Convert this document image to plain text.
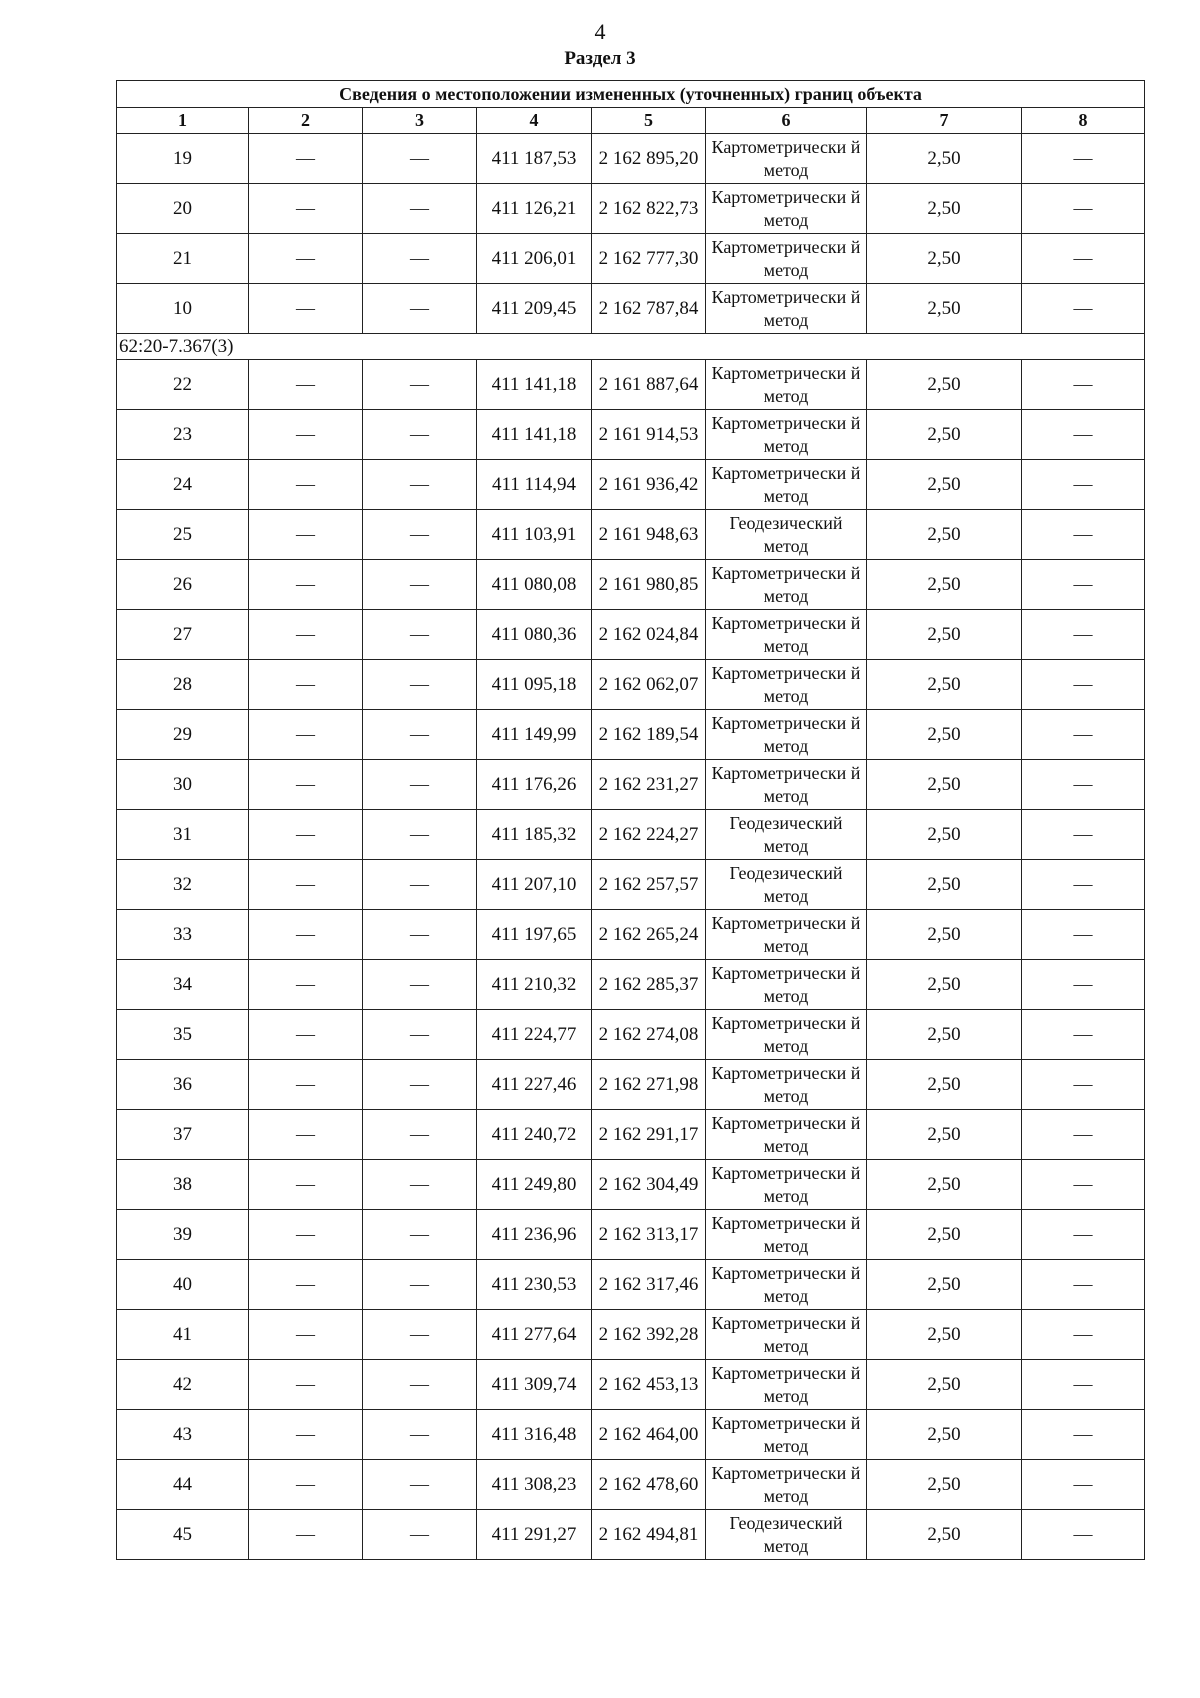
4
Раздел 3
Сведения о местоположении измененных (уточненных) границ объекта							
1	2	3	4	5	6	7	8
19	—	—	411 187,53	2 162 895,20	Картометрически й метод	2,50	—
20	—	—	411 126,21	2 162 822,73	Картометрически й метод	2,50	—
21	—	—	411 206,01	2 162 777,30	Картометрически й метод	2,50	—
10	—	—	411 209,45	2 162 787,84	Картометрически й метод	2,50	—
62:20-7.367(3)							
22	—	—	411 141,18	2 161 887,64	Картометрически й метод	2,50	—
23	—	—	411 141,18	2 161 914,53	Картометрически й метод	2,50	—
24	—	—	411 114,94	2 161 936,42	Картометрически й метод	2,50	—
25	—	—	411 103,91	2 161 948,63	Геодезический метод	2,50	—
26	—	—	411 080,08	2 161 980,85	Картометрически й метод	2,50	—
27	—	—	411 080,36	2 162 024,84	Картометрически й метод	2,50	—
28	—	—	411 095,18	2 162 062,07	Картометрически й метод	2,50	—
29	—	—	411 149,99	2 162 189,54	Картометрически й метод	2,50	—
30	—	—	411 176,26	2 162 231,27	Картометрически й метод	2,50	—
31	—	—	411 185,32	2 162 224,27	Геодезический метод	2,50	—
32	—	—	411 207,10	2 162 257,57	Геодезический метод	2,50	—
33	—	—	411 197,65	2 162 265,24	Картометрически й метод	2,50	—
34	—	—	411 210,32	2 162 285,37	Картометрически й метод	2,50	—
35	—	—	411 224,77	2 162 274,08	Картометрически й метод	2,50	—
36	—	—	411 227,46	2 162 271,98	Картометрически й метод	2,50	—
37	—	—	411 240,72	2 162 291,17	Картометрически й метод	2,50	—
38	—	—	411 249,80	2 162 304,49	Картометрически й метод	2,50	—
39	—	—	411 236,96	2 162 313,17	Картометрически й метод	2,50	—
40	—	—	411 230,53	2 162 317,46	Картометрически й метод	2,50	—
41	—	—	411 277,64	2 162 392,28	Картометрически й метод	2,50	—
42	—	—	411 309,74	2 162 453,13	Картометрически й метод	2,50	—
43	—	—	411 316,48	2 162 464,00	Картометрически й метод	2,50	—
44	—	—	411 308,23	2 162 478,60	Картометрически й метод	2,50	—
45	—	—	411 291,27	2 162 494,81	Геодезический метод	2,50	—
